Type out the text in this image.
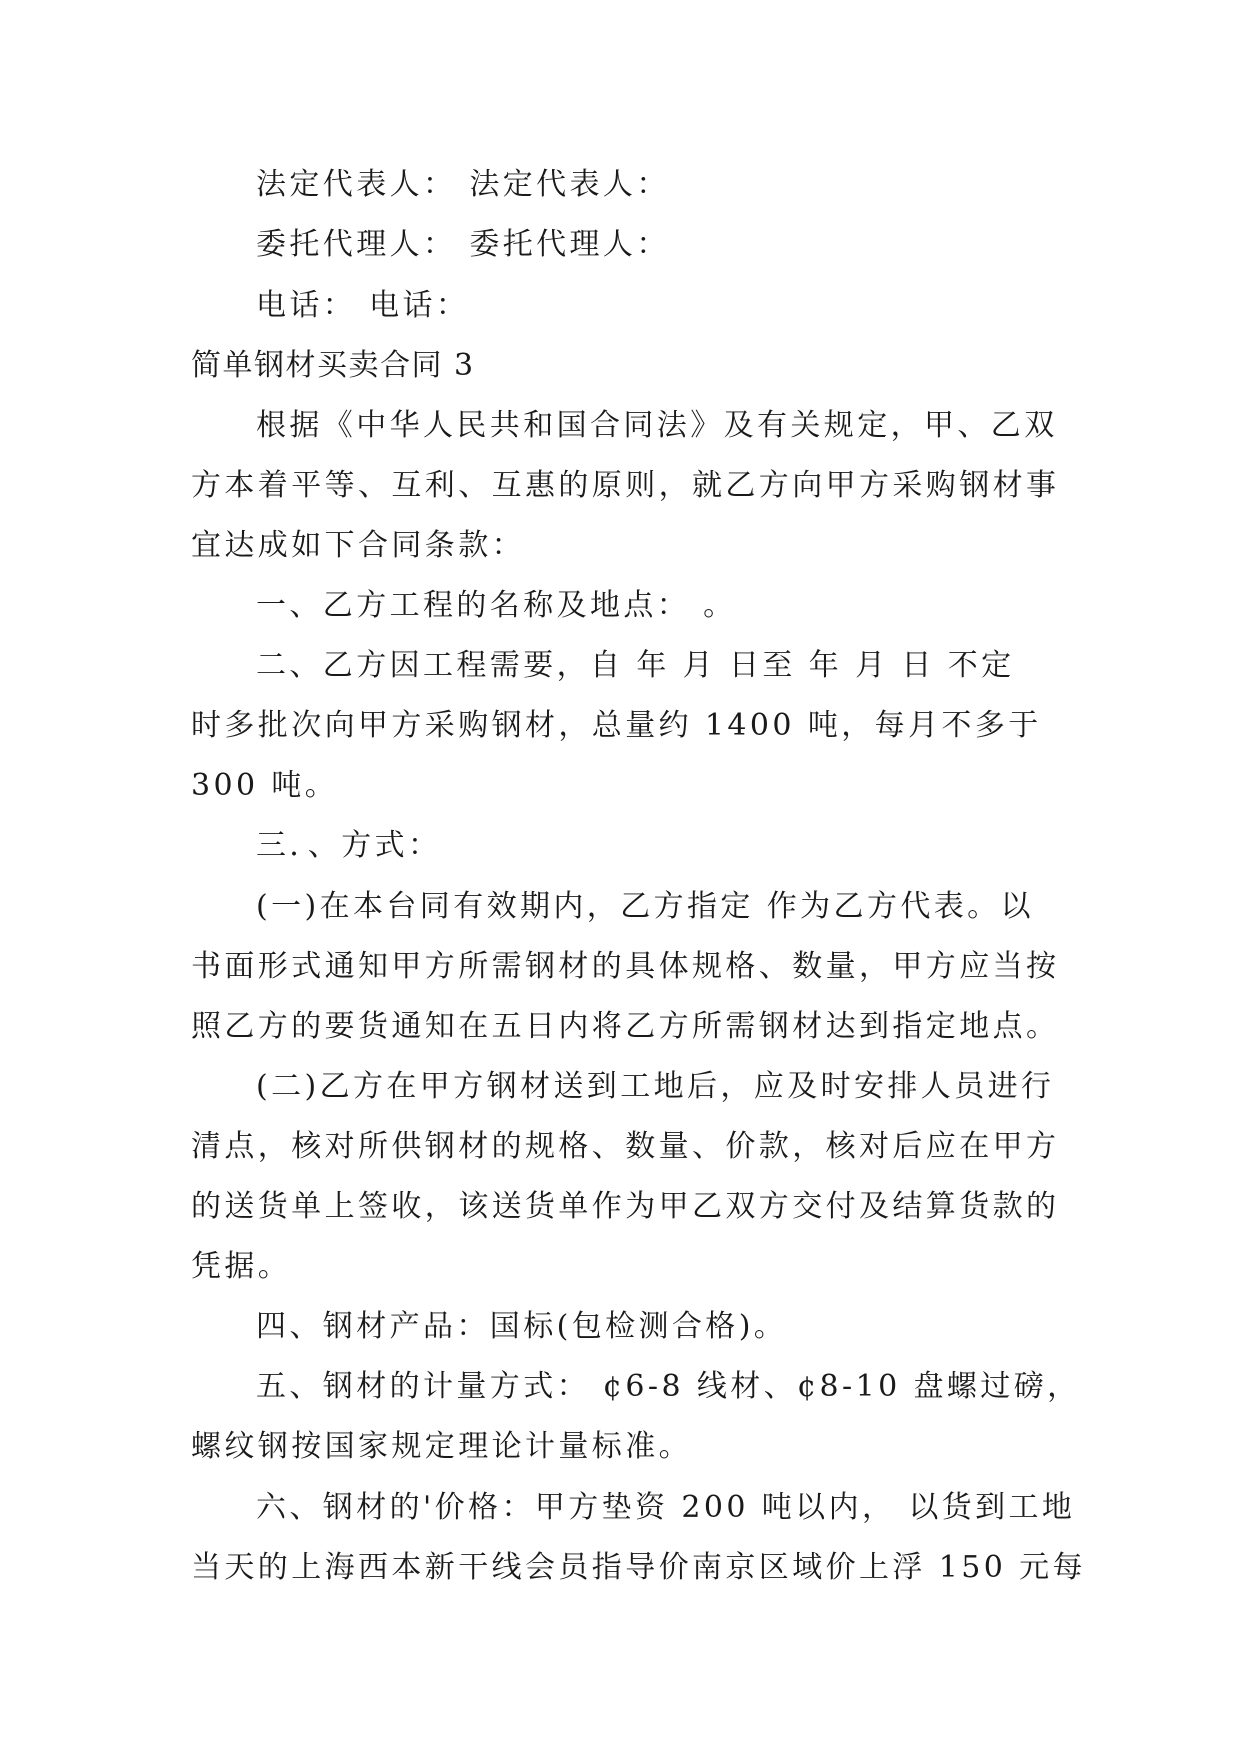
法定代表人： 法定代表人：
委托代理人： 委托代理人：
电话： 电话：
简单钢材买卖合同 3
根据《中华人民共和国合同法》及有关规定，甲、乙双
方本着平等、互利、互惠的原则，就乙方向甲方采购钢材事
宜达成如下合同条款：
一、乙方工程的名称及地点： 。
二、乙方因工程需要，自 年 月 日至 年 月 日 不定
时多批次向甲方采购钢材，总量约 1400 吨，每月不多于
300 吨。
三．、方式：
(一)在本台同有效期内，乙方指定 作为乙方代表。以
书面形式通知甲方所需钢材的具体规格、数量，甲方应当按
照乙方的要货通知在五日内将乙方所需钢材达到指定地点。
(二)乙方在甲方钢材送到工地后，应及时安排人员进行
清点，核对所供钢材的规格、数量、价款，核对后应在甲方
的送货单上签收，该送货单作为甲乙双方交付及结算货款的
凭据。
四、钢材产品：国标(包检测合格)。
五、钢材的计量方式： ¢6-8 线材、¢8-10 盘螺过磅，
螺纹钢按国家规定理论计量标准。
六、钢材的'价格：甲方垫资 200 吨以内， 以货到工地
当天的上海西本新干线会员指导价南京区域价上浮 150 元每
